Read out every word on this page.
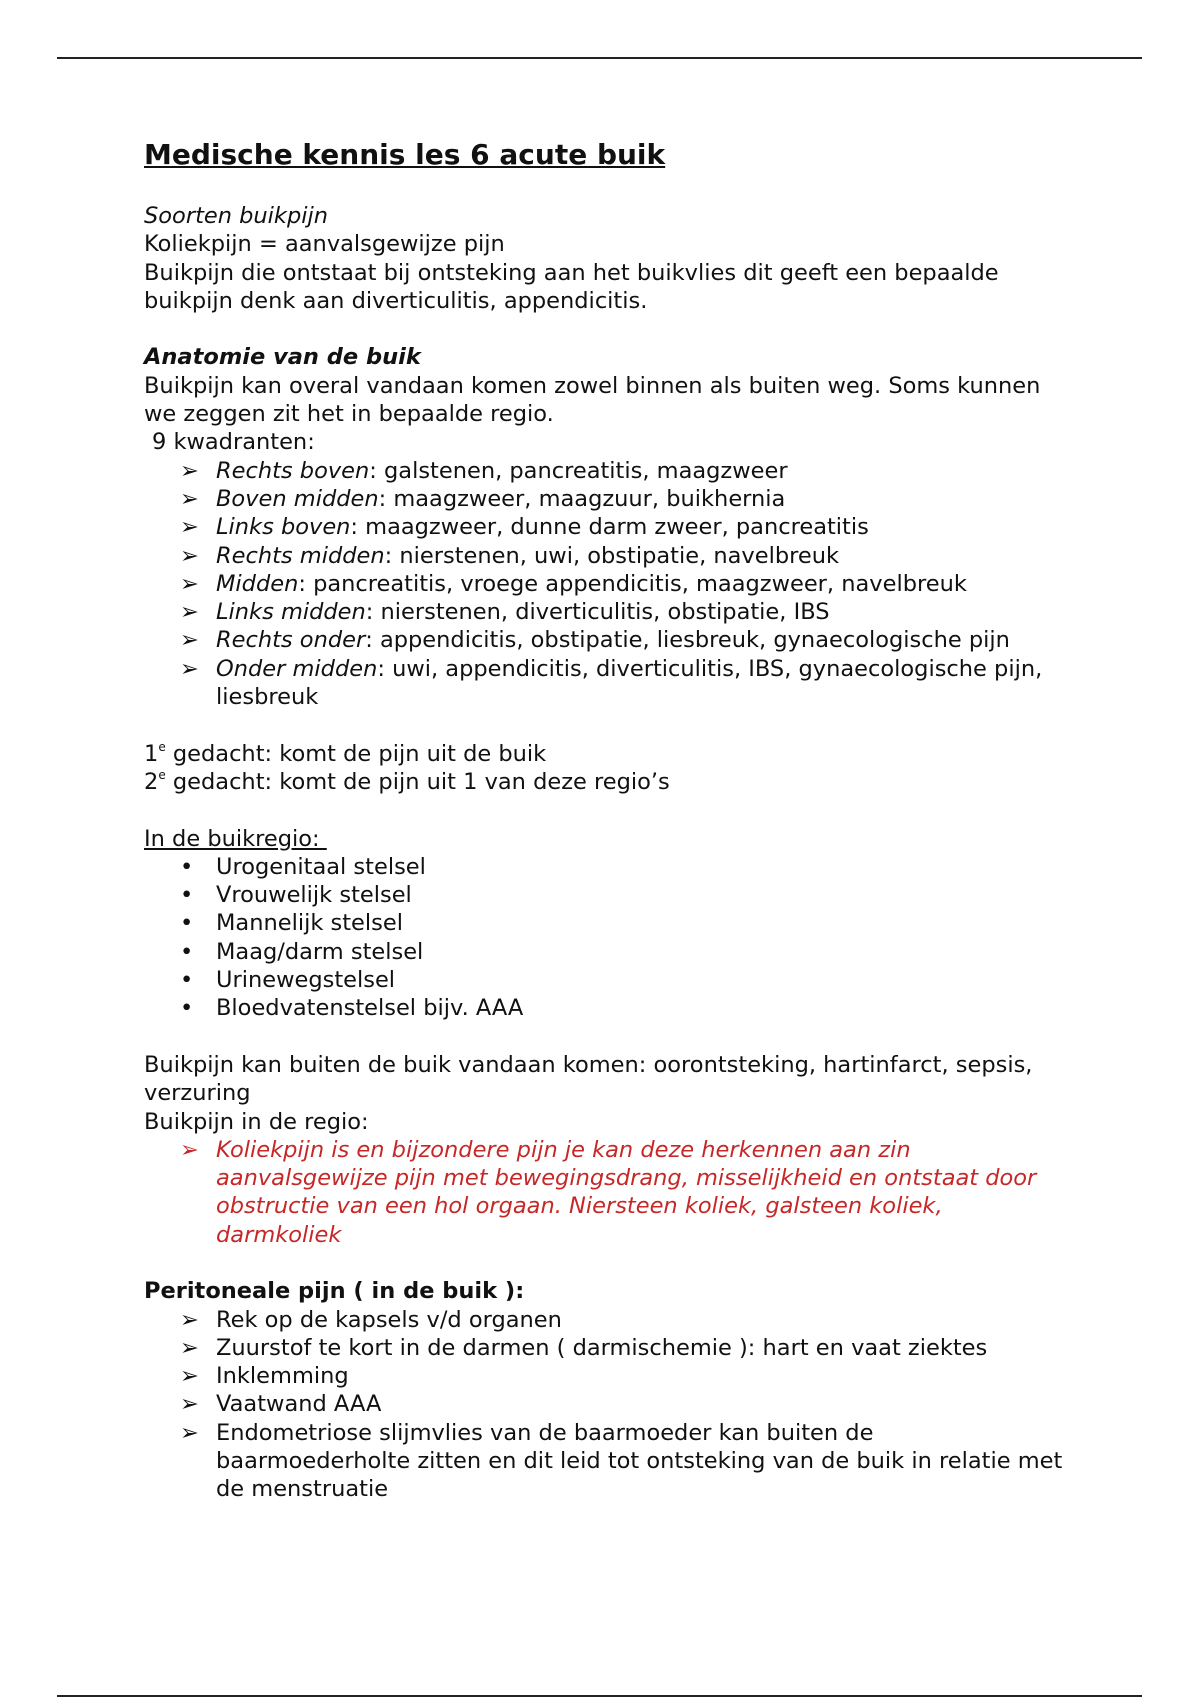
Medische kennis les 6 acute buik

Soorten buikpijn

Koliekpijn = aanvalsgewijze pijn

Buikpijn die ontstaat bij ontsteking aan het buikvlies dit geeft een bepaalde buikpijn denk aan diverticulitis, appendicitis.

Anatomie van de buik

Buikpijn kan overal vandaan komen zowel binnen als buiten weg. Soms kunnen we zeggen zit het in bepaalde regio.

9 kwadranten:

➢ Rechts boven: galstenen, pancreatitis, maagzweer
➢ Boven midden: maagzweer, maagzuur, buikhernia
➢ Links boven: maagzweer, dunne darm zweer, pancreatitis
➢ Rechts midden: nierstenen, uwi, obstipatie, navelbreuk
➢ Midden: pancreatitis, vroege appendicitis, maagzweer, navelbreuk
➢ Links midden: nierstenen, diverticulitis, obstipatie, IBS
➢ Rechts onder: appendicitis, obstipatie, liesbreuk, gynaecologische pijn
➢ Onder midden: uwi, appendicitis, diverticulitis, IBS, gynaecologische pijn, liesbreuk

1e gedacht: komt de pijn uit de buik

2e gedacht: komt de pijn uit 1 van deze regio’s

In de buikregio:

•	Urogenitaal stelsel
•	Vrouwelijk stelsel
•	Mannelijk stelsel
•	Maag/darm stelsel
•	Urinewegstelsel
•	Bloedvatenstelsel bijv. AAA

Buikpijn kan buiten de buik vandaan komen: oorontsteking, hartinfarct, sepsis, verzuring

Buikpijn in de regio:

➢ Koliekpijn is en bijzondere pijn je kan deze herkennen aan zin aanvalsgewijze pijn met bewegingsdrang, misselijkheid en ontstaat door obstructie van een hol orgaan. Niersteen koliek, galsteen koliek, darmkoliek

Peritoneale pijn ( in de buik ):

➢ Rek op de kapsels v/d organen
➢ Zuurstof te kort in de darmen ( darmischemie ): hart en vaat ziektes
➢ Inklemming
➢ Vaatwand AAA
➢ Endometriose slijmvlies van de baarmoeder kan buiten de baarmoederholte zitten en dit leid tot ontsteking van de buik in relatie met de menstruatie
